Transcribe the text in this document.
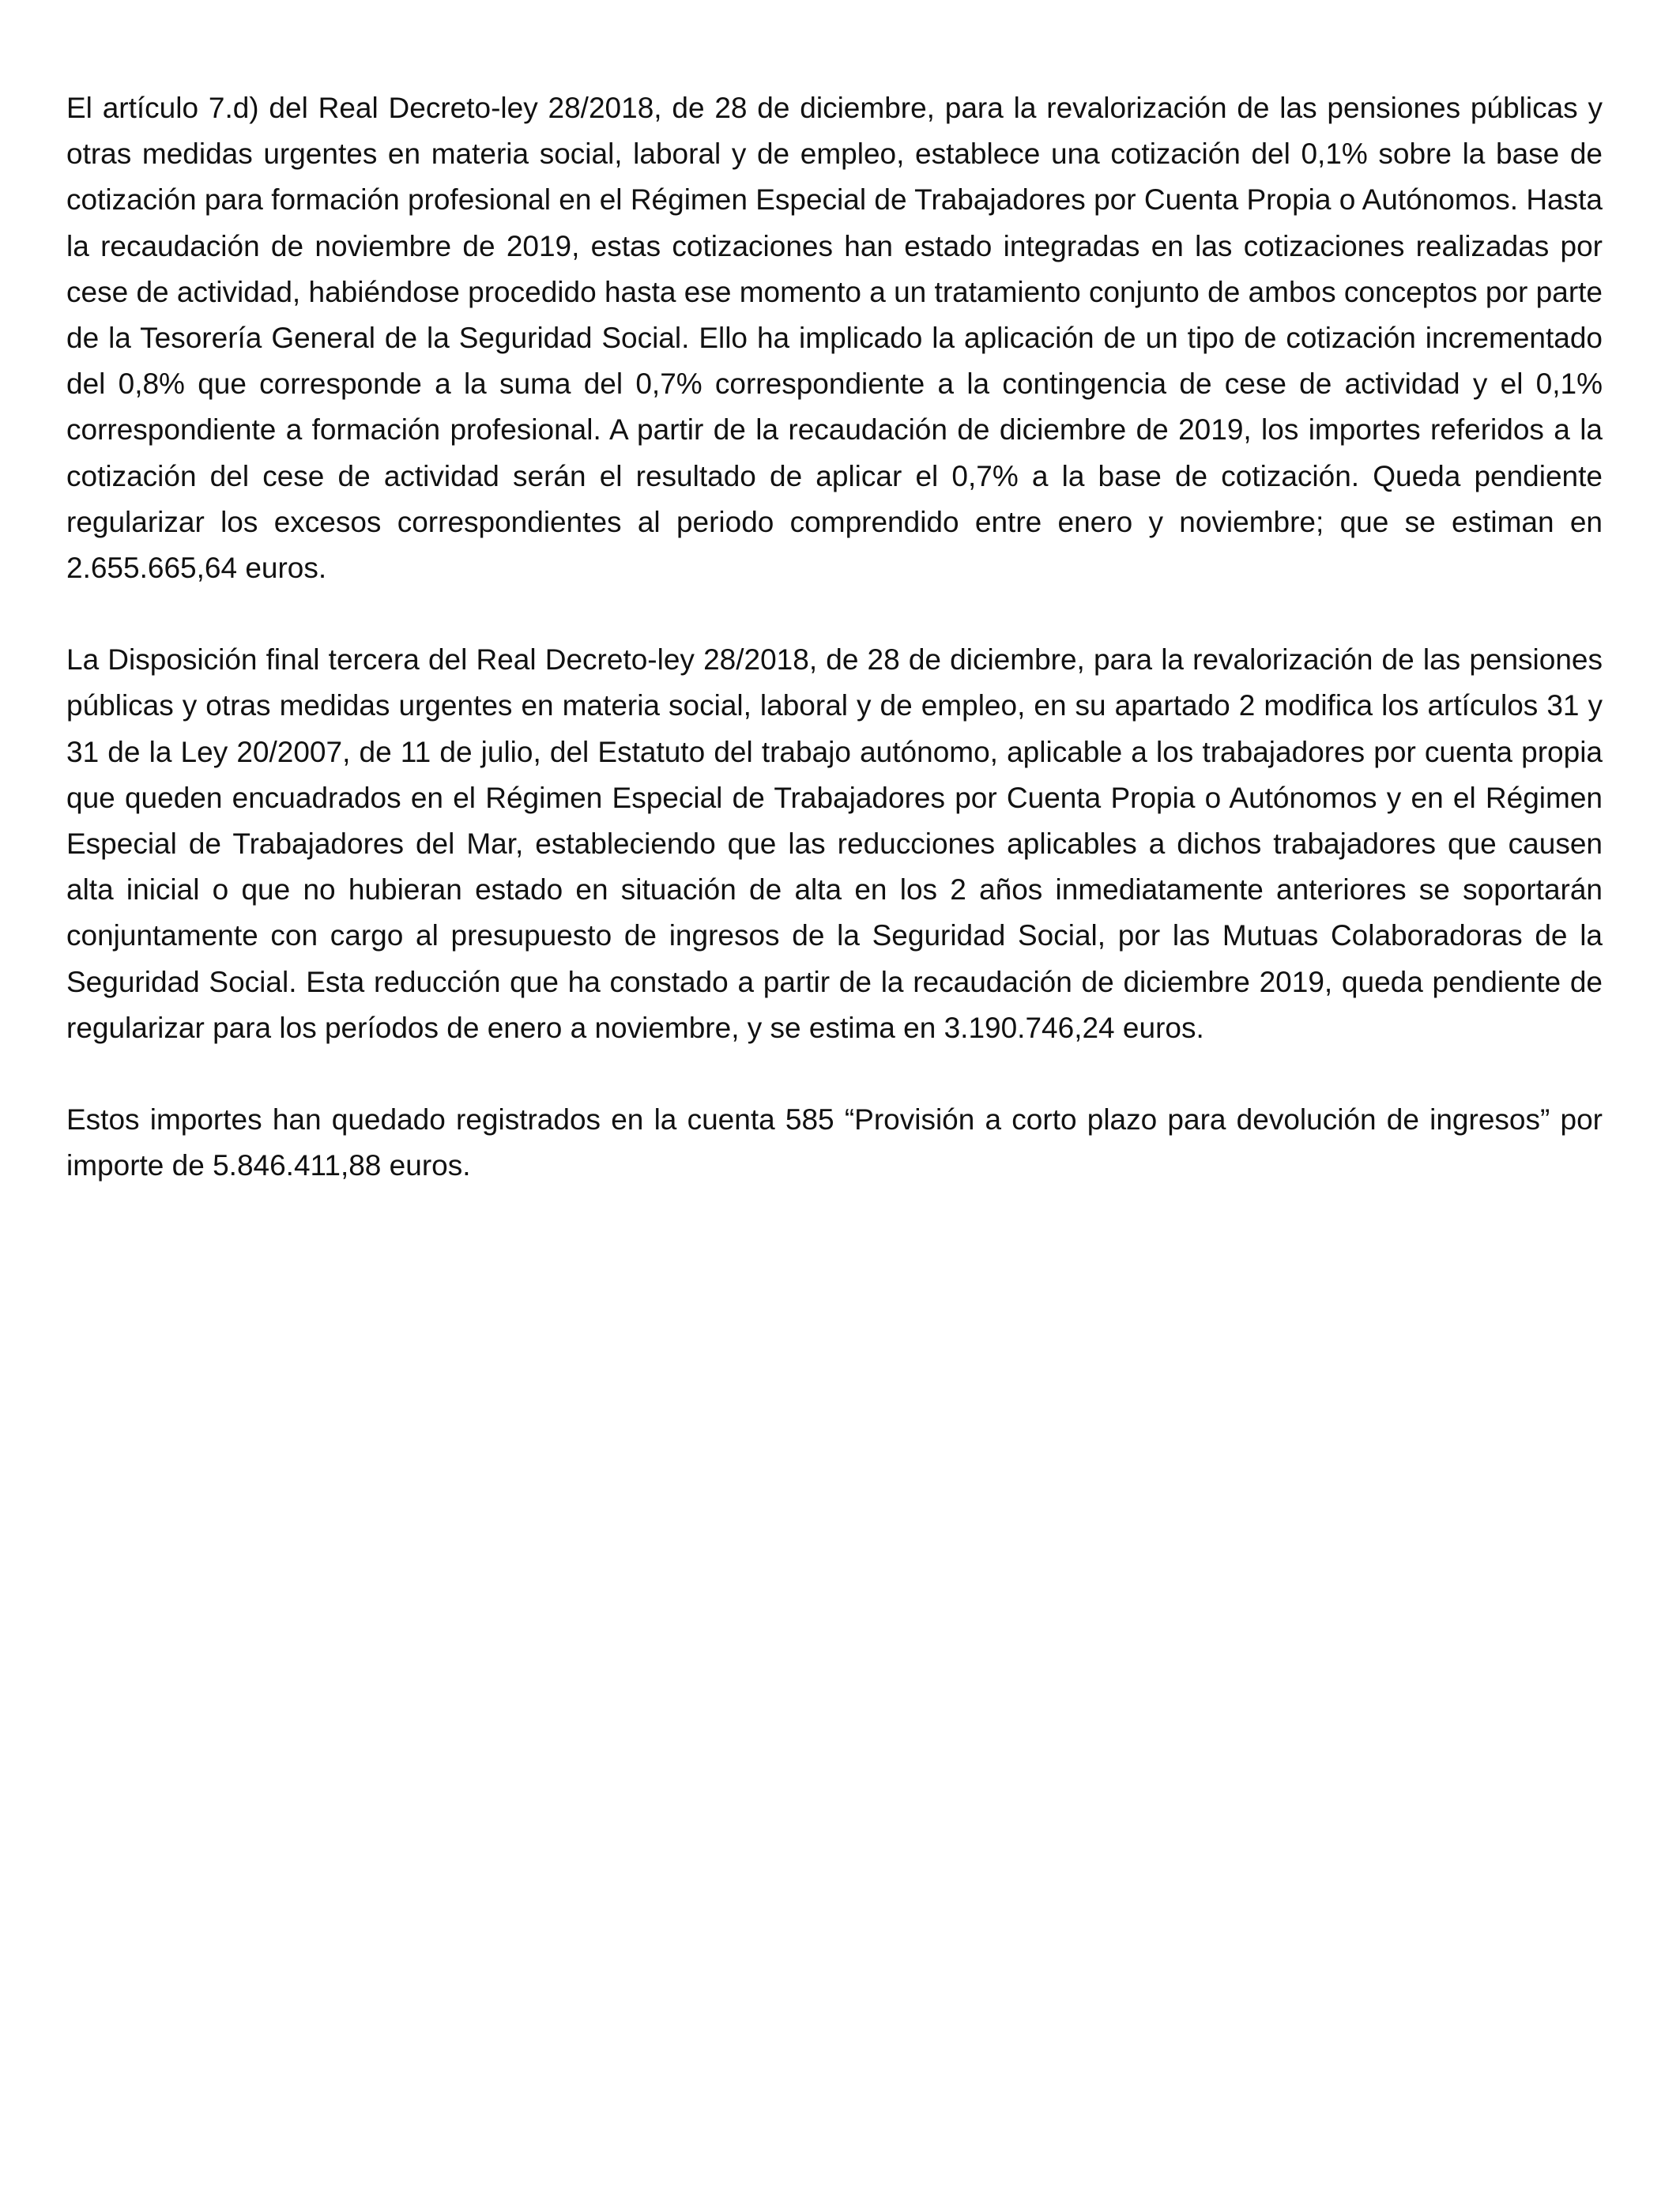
El artículo 7.d) del Real Decreto-ley 28/2018, de 28 de diciembre, para la revalorización de las pensiones públicas y otras medidas urgentes en materia social, laboral y de empleo, establece una cotización del 0,1% sobre la base de cotización para formación profesional en el Régimen Especial de Trabajadores por Cuenta Propia o Autónomos. Hasta la recaudación de noviembre de 2019, estas cotizaciones han estado integradas en las cotizaciones realizadas por cese de actividad, habiéndose procedido hasta ese momento a un tratamiento conjunto de ambos conceptos por parte de la Tesorería General de la Seguridad Social. Ello ha implicado la aplicación de un tipo de cotización incrementado del 0,8% que corresponde a la suma del 0,7% correspondiente a la contingencia de cese de actividad y el 0,1% correspondiente a formación profesional. A partir de la recaudación de diciembre de 2019, los importes referidos a la cotización del cese de actividad serán el resultado de aplicar el 0,7% a la base de cotización. Queda pendiente regularizar los excesos correspondientes al periodo comprendido entre enero y noviembre; que se estiman en 2.655.665,64 euros.

La Disposición final tercera del Real Decreto-ley 28/2018, de 28 de diciembre, para la revalorización de las pensiones públicas y otras medidas urgentes en materia social, laboral y de empleo, en su apartado 2 modifica los artículos 31 y 31 de la Ley 20/2007, de 11 de julio, del Estatuto del trabajo autónomo, aplicable a los trabajadores por cuenta propia que queden encuadrados en el Régimen Especial de Trabajadores por Cuenta Propia o Autónomos y en el Régimen Especial de Trabajadores del Mar, estableciendo que las reducciones aplicables a dichos trabajadores que causen alta inicial o que no hubieran estado en situación de alta en los 2 años inmediatamente anteriores se soportarán conjuntamente con cargo al presupuesto de ingresos de la Seguridad Social, por las Mutuas Colaboradoras de la Seguridad Social. Esta reducción que ha constado a partir de la recaudación de diciembre 2019, queda pendiente de regularizar para los períodos de enero a noviembre, y se estima en 3.190.746,24 euros.

Estos importes han quedado registrados en la cuenta 585 “Provisión a corto plazo para devolución de ingresos” por importe de 5.846.411,88 euros.
